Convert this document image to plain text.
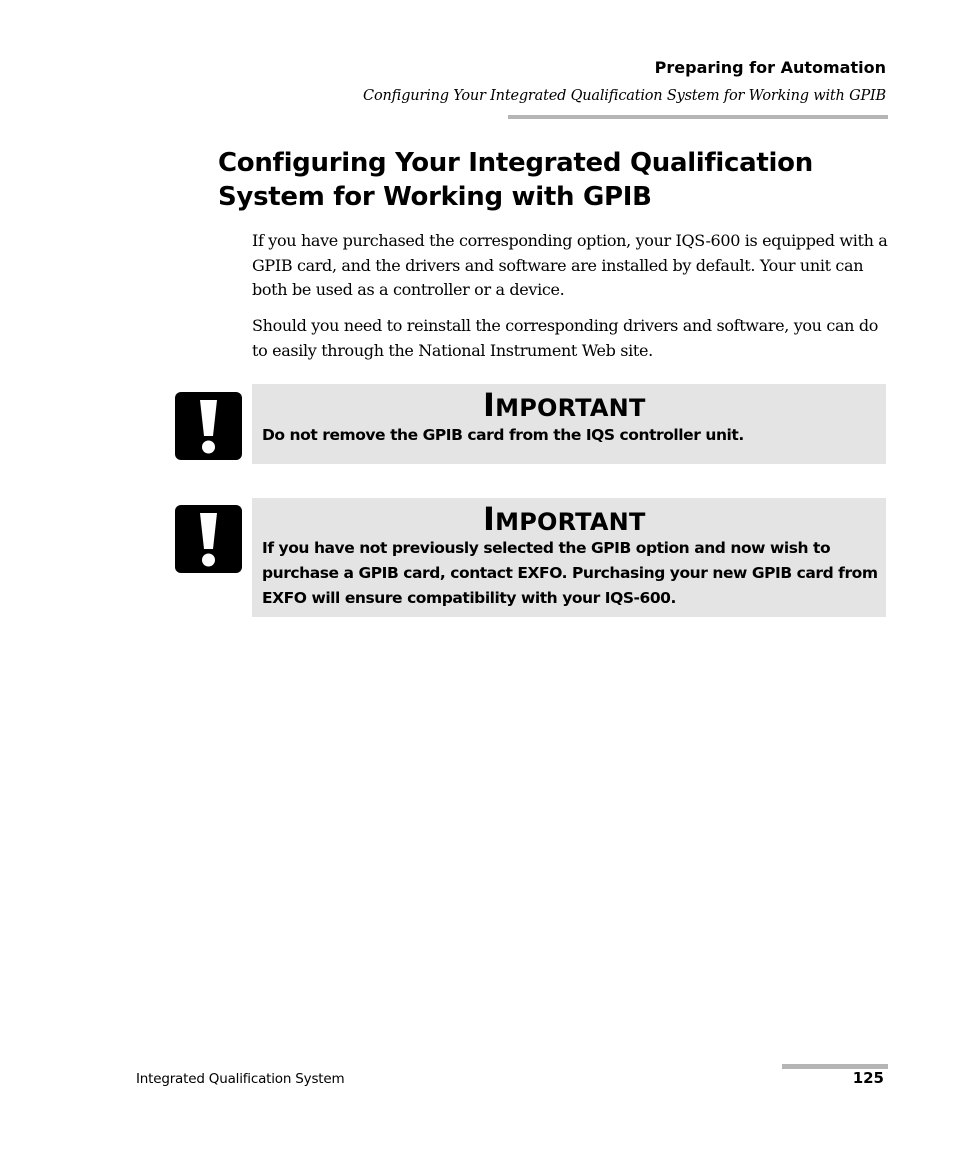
Preparing for Automation
Configuring Your Integrated Qualification System for Working with GPIB
Configuring Your Integrated Qualification System for Working with GPIB

If you have purchased the corresponding option, your IQS-600 is equipped with a GPIB card, and the drivers and software are installed by default. Your unit can both be used as a controller or a device.

Should you need to reinstall the corresponding drivers and software, you can do to easily through the National Instrument Web site.

IMPORTANT

Do not remove the GPIB card from the IQS controller unit.

IMPORTANT

If you have not previously selected the GPIB option and now wish to purchase a GPIB card, contact EXFO. Purchasing your new GPIB card from EXFO will ensure compatibility with your IQS-600.

Integrated Qualification System	125
